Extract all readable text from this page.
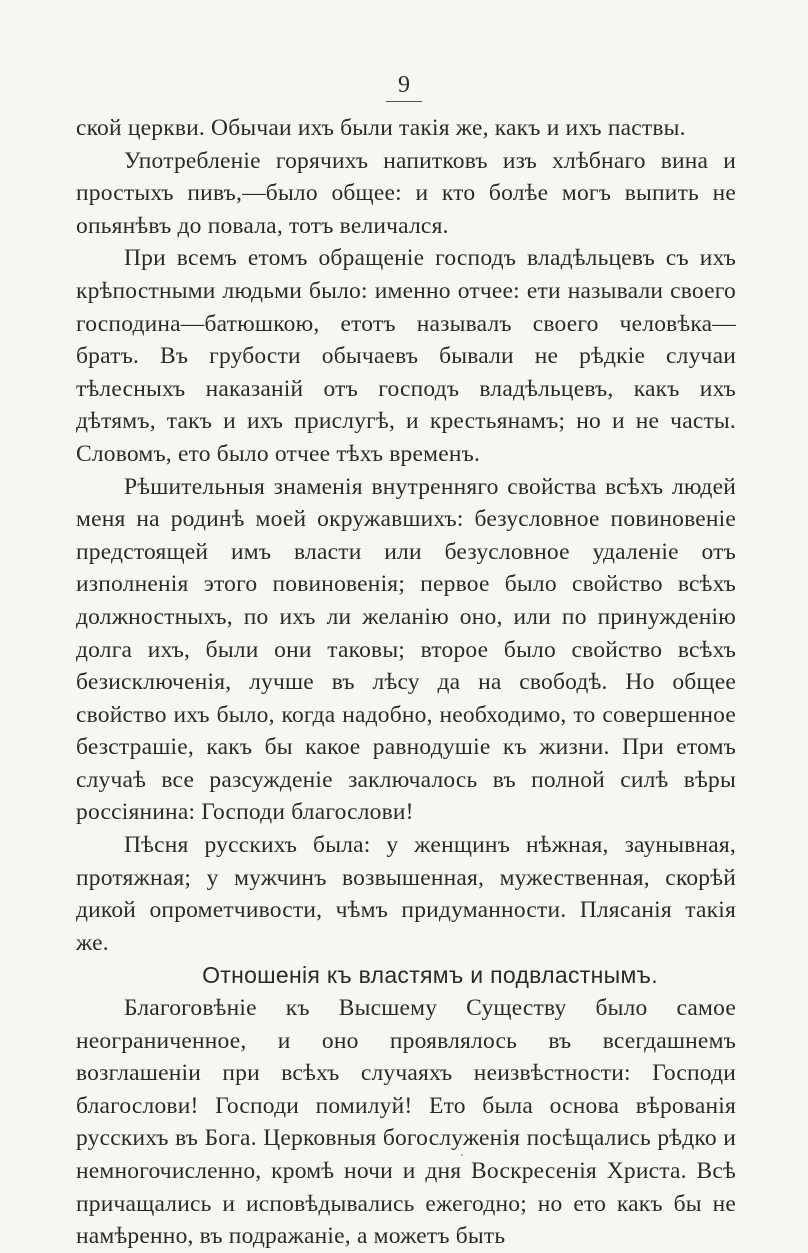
9

ской церкви. Обычаи ихъ были такія же, какъ и ихъ паствы.

Употребленіе горячихъ напитковъ изъ хлѣбнаго вина и простыхъ пивъ,—было общее: и кто болѣе могъ выпить не опьянѣвъ до повала, тотъ величался.

При всемъ етомъ обращеніе господъ владѣльцевъ съ ихъ крѣпостными людьми было: именно отчее: ети называли своего господина—батюшкою, етотъ называлъ своего человѣка—братъ. Въ грубости обычаевъ бывали не рѣдкіе случаи тѣлесныхъ наказаній отъ господъ владѣльцевъ, какъ ихъ дѣтямъ, такъ и ихъ прислугѣ, и крестьянамъ; но и не часты. Словомъ, ето было отчее тѣхъ временъ.

Рѣшительныя знаменія внутренняго свойства всѣхъ людей меня на родинѣ моей окружавшихъ: безусловное повиновеніе предстоящей имъ власти или безусловное удаленіе отъ изполненія этого повиновенія; первое было свойство всѣхъ должностныхъ, по ихъ ли желанію оно, или по принужденію долга ихъ, были они таковы; второе было свойство всѣхъ безисключенія, лучше въ лѣсу да на свободѣ. Но общее свойство ихъ было, когда надобно, необходимо, то совершенное безстрашіе, какъ бы какое равнодушіе къ жизни. При етомъ случаѣ все разсужденіе заключалось въ полной силѣ вѣры россіянина: Господи благослови!

Пѣсня русскихъ была: у женщинъ нѣжная, заунывная, протяжная; у мужчинъ возвышенная, мужественная, скорѣй дикой опрометчивости, чѣмъ придуманности. Плясанія такія же.

Отношенія къ властямъ и подвластнымъ.

Благоговѣніе къ Высшему Существу было самое неограниченное, и оно проявлялось въ всегдашнемъ возглашеніи при всѣхъ случаяхъ неизвѣстности: Господи благослови! Господи помилуй! Ето была основа вѣрованія русскихъ въ Бога. Церковныя богослуженія посѣщались рѣдко и немногочисленно, кромѣ ночи и дня Воскресенія Христа. Всѣ причащались и исповѣдывались ежегодно; но ето какъ бы не намѣренно, въ подражаніе, а можетъ быть
